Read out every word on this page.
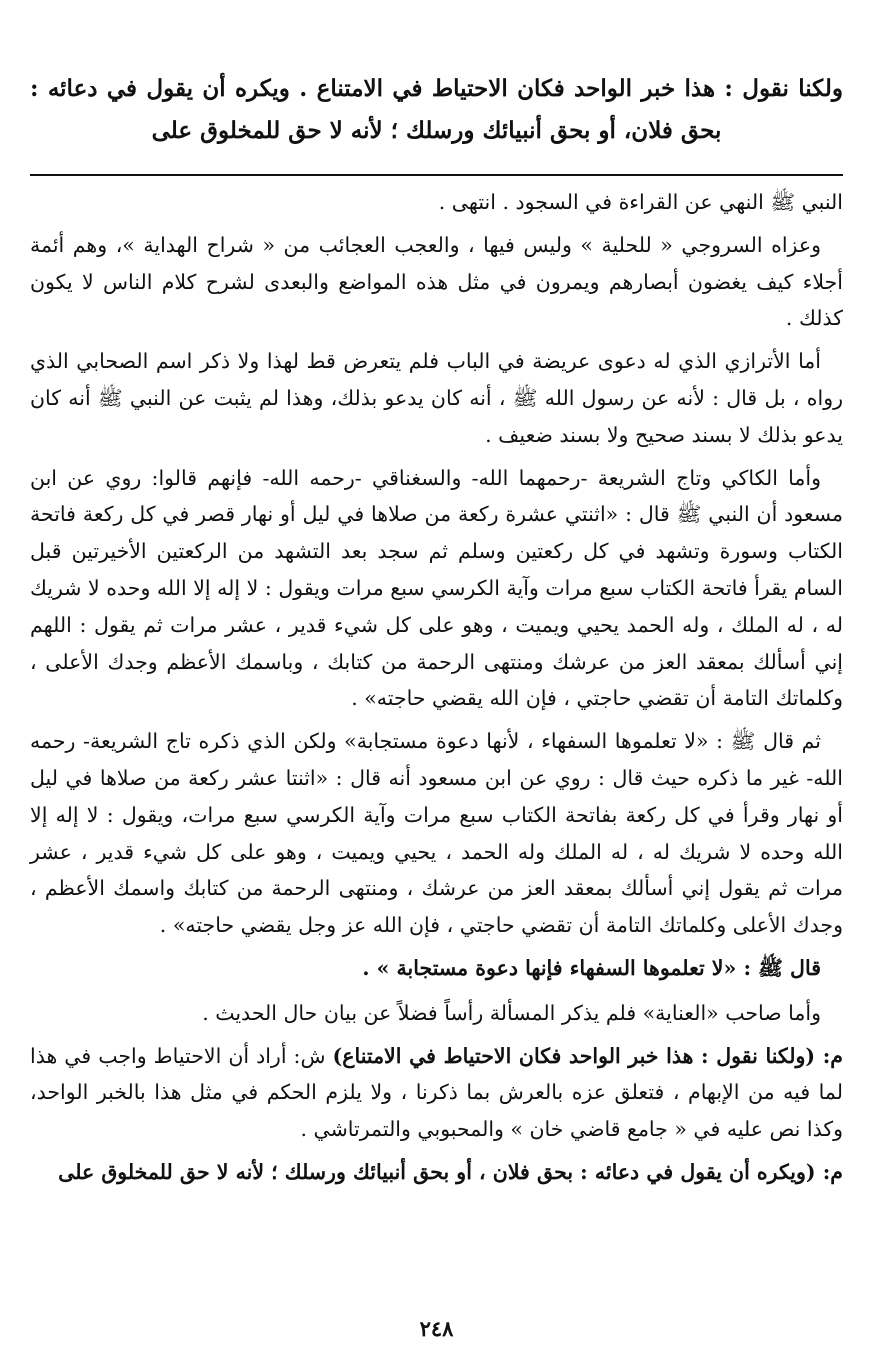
ولكنا نقول : هذا خبر الواحد فكان الاحتياط في الامتناع . ويكره أن يقول في دعائه : بحق فلان، أو بحق أنبيائك ورسلك ؛ لأنه لا حق للمخلوق على

النبي ﷺ النهي عن القراءة في السجود . انتهى .

وعزاه السروجي « للحلية » وليس فيها ، والعجب العجائب من « شراح الهداية »، وهم أئمة أجلاء كيف يغضون أبصارهم ويمرون في مثل هذه المواضع والبعدى لشرح كلام الناس لا يكون كذلك .

أما الأترازي الذي له دعوى عريضة في الباب فلم يتعرض قط لهذا ولا ذكر اسم الصحابي الذي رواه ، بل قال : لأنه عن رسول الله ﷺ ، أنه كان يدعو بذلك، وهذا لم يثبت عن النبي ﷺ أنه كان يدعو بذلك لا بسند صحيح ولا بسند ضعيف .

وأما الكاكي وتاج الشريعة -رحمهما الله- والسغناقي -رحمه الله- فإنهم قالوا: روي عن ابن مسعود أن النبي ﷺ قال : «اثنتي عشرة ركعة من صلاها في ليل أو نهار قصر في كل ركعة فاتحة الكتاب وسورة وتشهد في كل ركعتين وسلم ثم سجد بعد التشهد من الركعتين الأخيرتين قبل السام يقرأ فاتحة الكتاب سبع مرات وآية الكرسي سبع مرات ويقول : لا إله إلا الله وحده لا شريك له ، له الملك ، وله الحمد يحيي ويميت ، وهو على كل شيء قدير ، عشر مرات ثم يقول : اللهم إني أسألك بمعقد العز من عرشك ومنتهى الرحمة من كتابك ، وباسمك الأعظم وجدك الأعلى ، وكلماتك التامة أن تقضي حاجتي ، فإن الله يقضي حاجته» .

ثم قال ﷺ : «لا تعلموها السفهاء ، لأنها دعوة مستجابة» ولكن الذي ذكره تاج الشريعة- رحمه الله- غير ما ذكره حيث قال : روي عن ابن مسعود أنه قال : «اثنتا عشر ركعة من صلاها في ليل أو نهار وقرأ في كل ركعة بفاتحة الكتاب سبع مرات وآية الكرسي سبع مرات، ويقول : لا إله إلا الله وحده لا شريك له ، له الملك وله الحمد ، يحيي ويميت ، وهو على كل شيء قدير ، عشر مرات ثم يقول إني أسألك بمعقد العز من عرشك ، ومنتهى الرحمة من كتابك واسمك الأعظم ، وجدك الأعلى وكلماتك التامة أن تقضي حاجتي ، فإن الله عز وجل يقضي حاجته» .

قال ﷺ : «لا تعلموها السفهاء فإنها دعوة مستجابة » .

وأما صاحب «العناية» فلم يذكر المسألة رأساً فضلاً عن بيان حال الحديث .

م: (ولكنا نقول : هذا خبر الواحد فكان الاحتياط في الامتناع) ش: أراد أن الاحتياط واجب في هذا لما فيه من الإبهام ، فتعلق عزه بالعرش بما ذكرنا ، ولا يلزم الحكم في مثل هذا بالخبر الواحد، وكذا نص عليه في « جامع قاضي خان » والمحبوبي والتمرتاشي .

م: (ويكره أن يقول في دعائه : بحق فلان ، أو بحق أنبيائك ورسلك ؛ لأنه لا حق للمخلوق على

٢٤٨
